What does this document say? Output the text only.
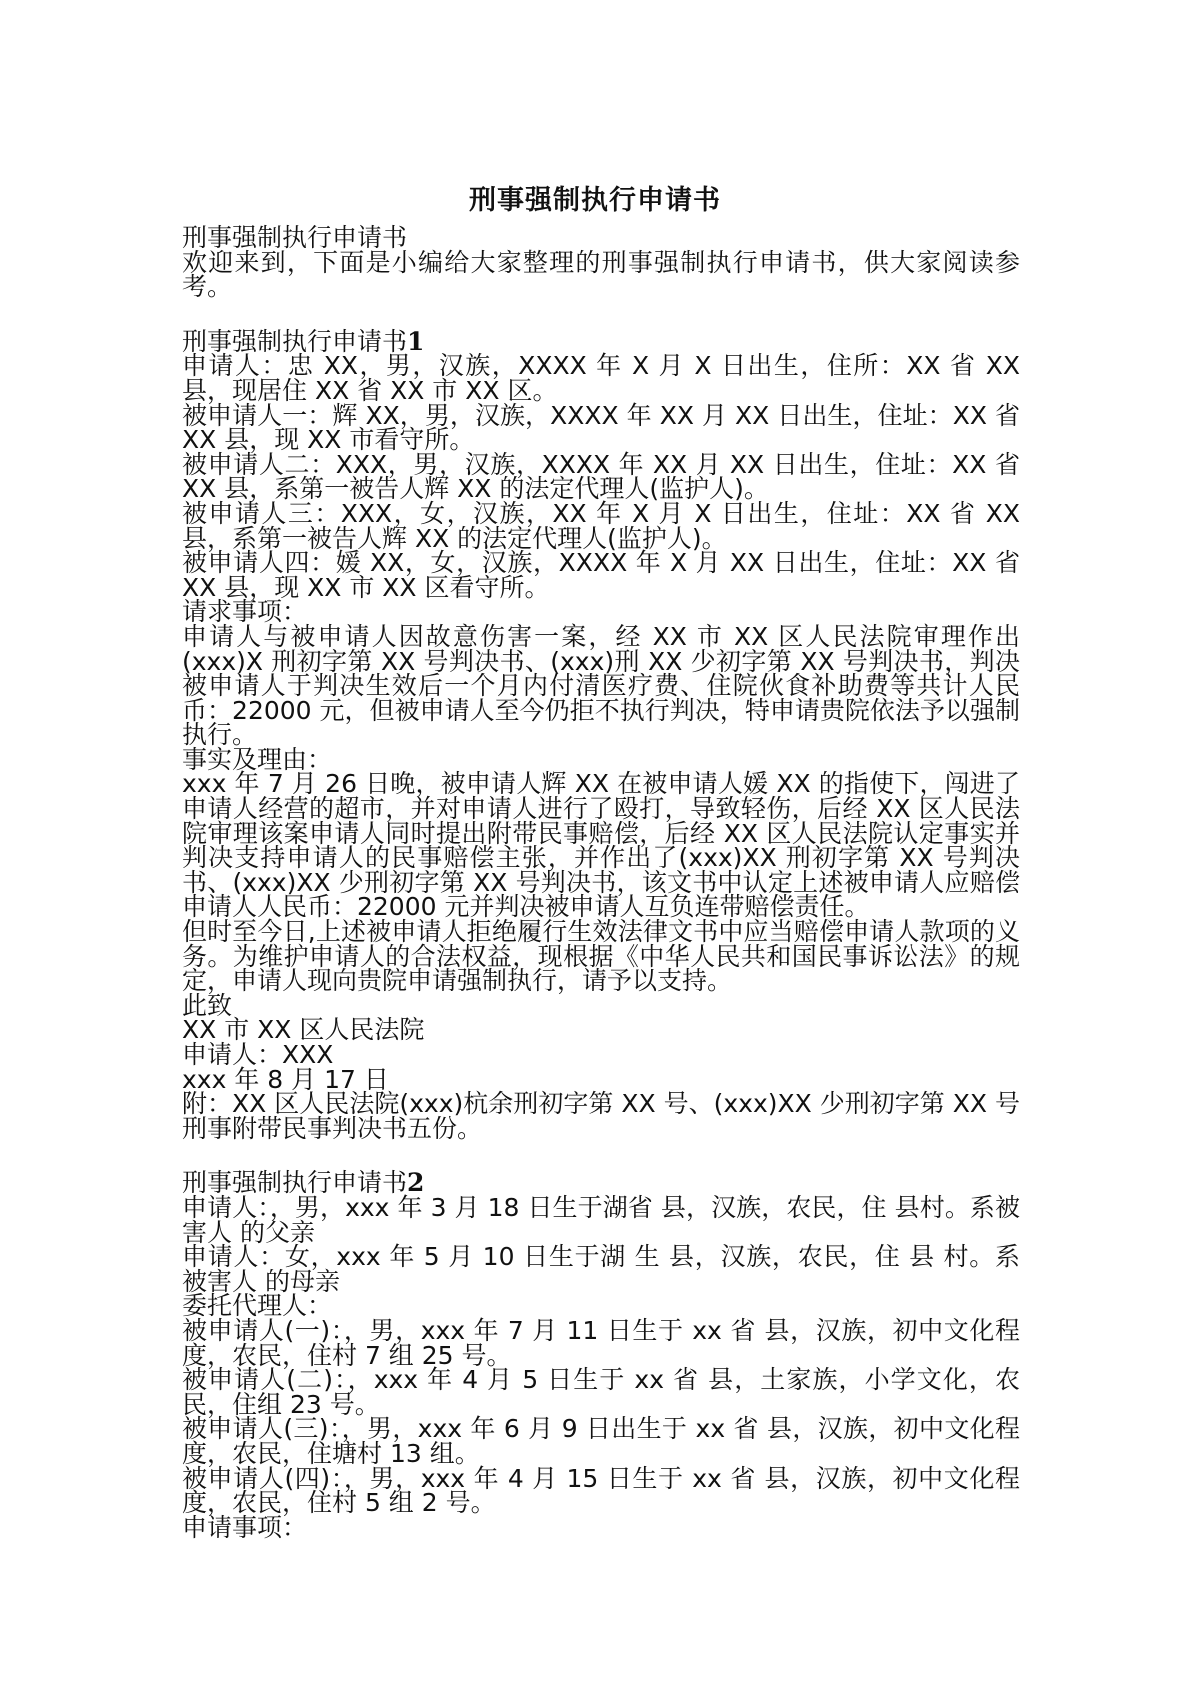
刑事强制执行申请书

刑事强制执行申请书

欢迎来到，下面是小编给大家整理的刑事强制执行申请书，供大家阅读参考。

刑事强制执行申请书1

申请人：忠 XX，男，汉族，XXXX 年 X 月 X 日出生，住所：XX 省 XX 县，现居住 XX 省 XX 市 XX 区。

被申请人一：辉 XX，男，汉族，XXXX 年 XX 月 XX 日出生，住址：XX 省 XX 县，现 XX 市看守所。

被申请人二：XXX，男，汉族，XXXX 年 XX 月 XX 日出生，住址：XX 省 XX 县，系第一被告人辉 XX 的法定代理人(监护人)。

被申请人三：XXX，女，汉族，XX 年 X 月 X 日出生，住址：XX 省 XX 县，系第一被告人辉 XX 的法定代理人(监护人)。

被申请人四：媛 XX，女，汉族，XXXX 年 X 月 XX 日出生，住址：XX 省 XX 县，现 XX 市 XX 区看守所。

请求事项：

申请人与被申请人因故意伤害一案，经 XX 市 XX 区人民法院审理作出(xxx)X 刑初字第 XX 号判决书、(xxx)刑 XX 少初字第 XX 号判决书，判决被申请人于判决生效后一个月内付清医疗费、住院伙食补助费等共计人民币：22000 元，但被申请人至今仍拒不执行判决，特申请贵院依法予以强制执行。

事实及理由：

xxx 年 7 月 26 日晚，被申请人辉 XX 在被申请人媛 XX 的指使下，闯进了申请人经营的超市，并对申请人进行了殴打，导致轻伤，后经 XX 区人民法院审理该案申请人同时提出附带民事赔偿，后经 XX 区人民法院认定事实并判决支持申请人的民事赔偿主张，并作出了(xxx)XX 刑初字第 XX 号判决书、(xxx)XX 少刑初字第 XX 号判决书，该文书中认定上述被申请人应赔偿申请人人民币：22000 元并判决被申请人互负连带赔偿责任。

但时至今日,上述被申请人拒绝履行生效法律文书中应当赔偿申请人款项的义务。为维护申请人的合法权益，现根据《中华人民共和国民事诉讼法》的规定，申请人现向贵院申请强制执行，请予以支持。

此致

XX 市 XX 区人民法院

申请人：XXX

xxx 年 8 月 17 日

附：XX 区人民法院(xxx)杭余刑初字第 XX 号、(xxx)XX 少刑初字第 XX 号刑事附带民事判决书五份。

刑事强制执行申请书2

申请人：，男，xxx 年 3 月 18 日生于湖省 县，汉族，农民，住 县村。系被害人 的父亲

申请人：女，xxx 年 5 月 10 日生于湖 生 县，汉族，农民，住 县 村。系被害人 的母亲

委托代理人：

被申请人(一)：，男，xxx 年 7 月 11 日生于 xx 省 县，汉族，初中文化程度，农民，住村 7 组 25 号。

被申请人(二)：，xxx 年 4 月 5 日生于 xx 省 县，土家族，小学文化，农民，住组 23 号。

被申请人(三)：，男，xxx 年 6 月 9 日出生于 xx 省 县，汉族，初中文化程度，农民，住塘村 13 组。

被申请人(四)：，男，xxx 年 4 月 15 日生于 xx 省 县，汉族，初中文化程度，农民，住村 5 组 2 号。

申请事项：
